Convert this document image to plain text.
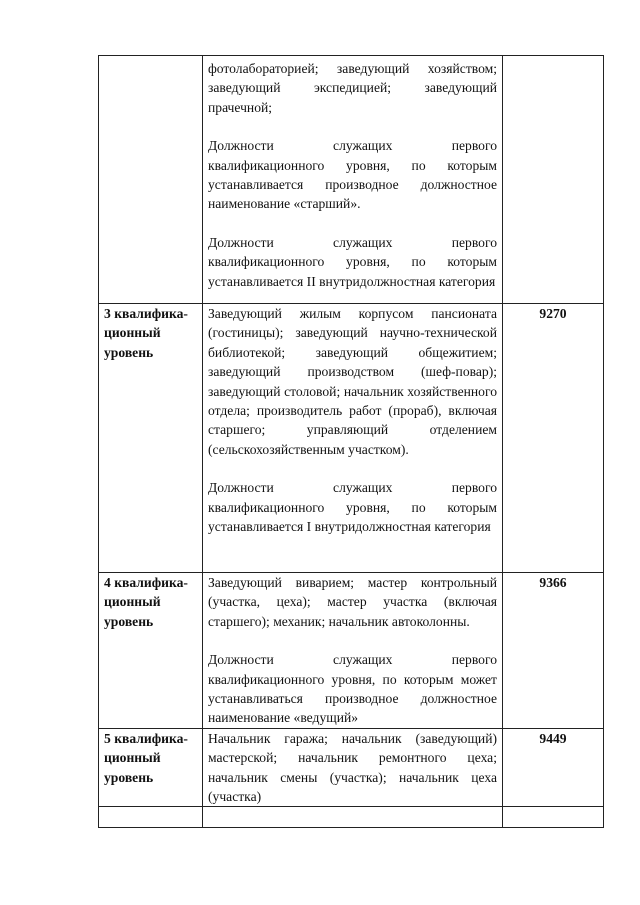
	фотолабораторией; заведующий хозяйством; заведующий экспедицией; заведующий прачечной;

Должности служащих первого квалификационного уровня, по которым устанавливается производное должностное наименование «старший».

Должности служащих первого квалификационного уровня, по которым устанавливается II внутридолжностная категория	

3 квалифика-ционный уровень	Заведующий жилым корпусом пансионата (гостиницы); заведующий научно-технической библиотекой; заведующий общежитием; заведующий производством (шеф-повар); заведующий столовой; начальник хозяйственного отдела; производитель работ (прораб), включая старшего; управляющий отделением (сельскохозяйственным участком).

Должности служащих первого квалификационного уровня, по которым устанавливается I внутридолжностная категория	9270
4 квалифика-ционный уровень	Заведующий виварием; мастер контрольный (участка, цеха); мастер участка (включая старшего); механик; начальник автоколонны.

Должности служащих первого квалификационного уровня, по которым может устанавливаться производное должностное наименование «ведущий»	9366
5 квалифика-ционный уровень	Начальник гаража; начальник (заведующий) мастерской; начальник ремонтного цеха; начальник смены (участка); начальник цеха (участка)	9449
